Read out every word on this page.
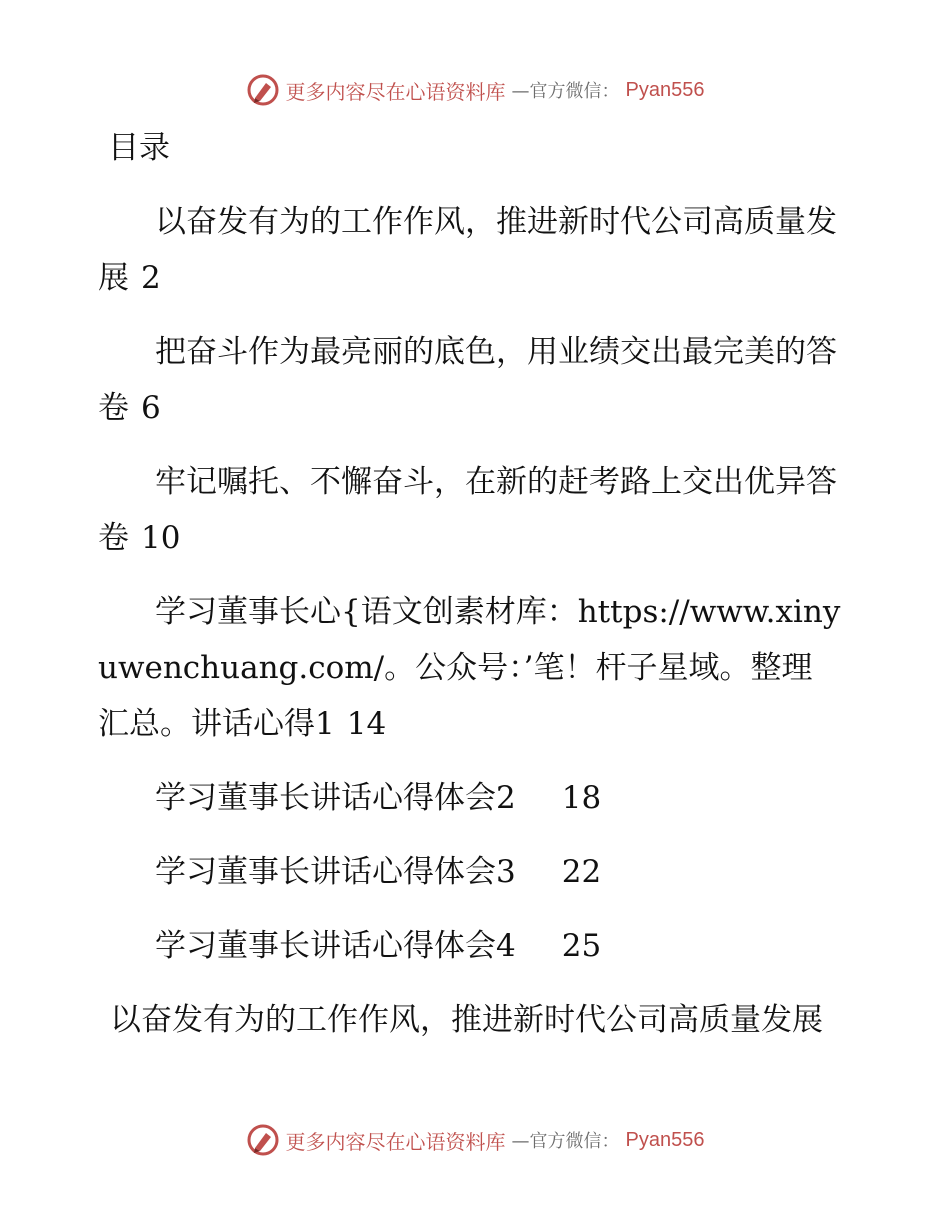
更多内容尽在心语资料库 —官方微信： Pyan556

目录

以奋发有为的工作作风，推进新时代公司高质量发展 2

把奋斗作为最亮丽的底色，用业绩交出最完美的答卷 6

牢记嘱托、不懈奋斗，在新的赶考路上交出优异答卷 10

学习董事长心{语文创素材库：https://www.xinyuwenchuang.com/。公众号：’笔！杆子星域。整理汇总。讲话心得1 14

学习董事长讲话心得体会2 18

学习董事长讲话心得体会3 22

学习董事长讲话心得体会4 25

以奋发有为的工作作风，推进新时代公司高质量发展

更多内容尽在心语资料库 —官方微信： Pyan556
